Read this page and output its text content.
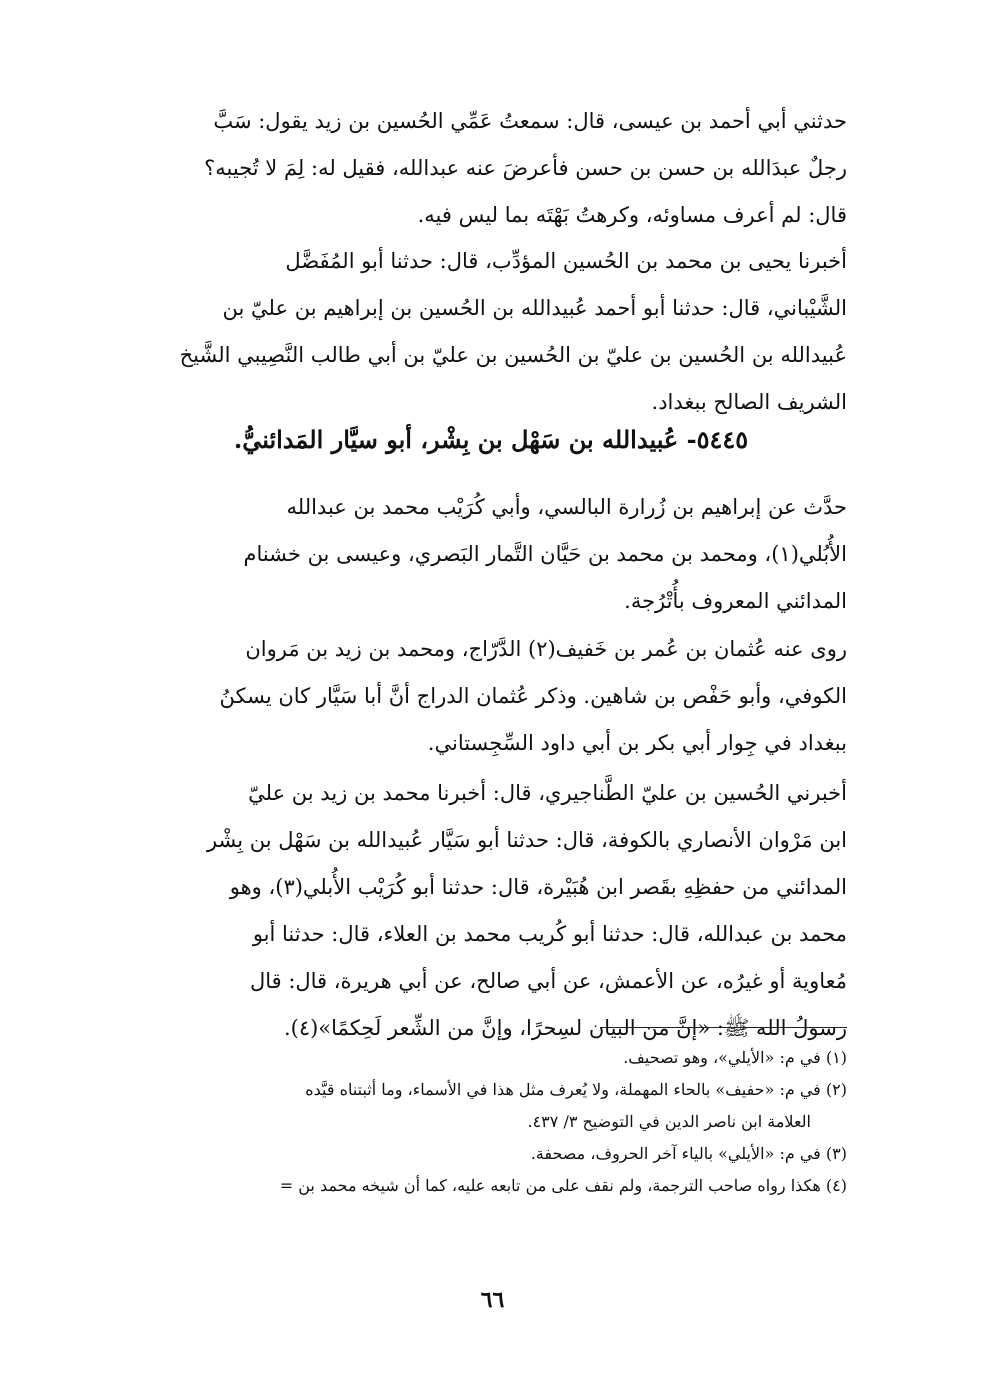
حدثني أبي أحمد بن عيسى، قال: سمعتُ عَمِّي الحُسين بن زيد يقول: سَبَّ
رجلٌ عبدَالله بن حسن بن حسن فأعرضَ عنه عبدالله، فقيل له: لِمَ لا تُجيبه؟
قال: لم أعرف مساوئه، وكرهتُ بَهْتَه بما ليس فيه.
أخبرنا يحيى بن محمد بن الحُسين المؤدِّب، قال: حدثنا أبو المُفَضَّل
الشَّيْباني، قال: حدثنا أبو أحمد عُبيدالله بن الحُسين بن إبراهيم بن عليّ بن
عُبيدالله بن الحُسين بن عليّ بن الحُسين بن عليّ بن أبي طالب النَّصِيبي الشَّيخ
الشريف الصالح ببغداد.
٥٤٤٥- عُبيدالله بن سَهْل بن بِشْر، أبو سيَّار المَدائنيُّ.
حدَّث عن إبراهيم بن زُرارة البالسي، وأبي كُرَيْب محمد بن عبدالله
الأُبُلي(١)، ومحمد بن محمد بن حَيَّان التَّمار البَصري، وعيسى بن خشنام
المدائني المعروف بأُتْرُجة.
روى عنه عُثمان بن عُمر بن خَفيف(٢) الدَّرّاج، ومحمد بن زيد بن مَروان
الكوفي، وأبو حَفْص بن شاهين. وذكر عُثمان الدراج أنَّ أبا سَيَّار كان يسكنُ
ببغداد في جِوار أبي بكر بن أبي داود السِّجِستاني.
أخبرني الحُسين بن عليّ الطَّناجيري، قال: أخبرنا محمد بن زيد بن عليّ
ابن مَرْوان الأنصاري بالكوفة، قال: حدثنا أبو سَيَّار عُبيدالله بن سَهْل بن بِشْر
المدائني من حفظِهِ بقَصر ابن هُبَيْرة، قال: حدثنا أبو كُرَيْب الأُبلي(٣)، وهو
محمد بن عبدالله، قال: حدثنا أبو كُريب محمد بن العلاء، قال: حدثنا أبو
مُعاوية أو غيرُه، عن الأعمش، عن أبي صالح، عن أبي هريرة، قال: قال
رسولُ الله ﷺ: «إنَّ من البيان لسِحرًا، وإنَّ من الشِّعر لَحِكمًا»(٤).
(١) في م: «الأيلي»، وهو تصحيف.
(٢) في م: «حفيف» بالحاء المهملة، ولا يُعرف مثل هذا في الأسماء، وما أثبتناه قيَّده
العلامة ابن ناصر الدين في التوضيح ٣/ ٤٣٧.
(٣) في م: «الأيلي» بالياء آخر الحروف، مصحفة.
(٤) هكذا رواه صاحب الترجمة، ولم نقف على من تابعه عليه، كما أن شيخه محمد بن =
٦٦
